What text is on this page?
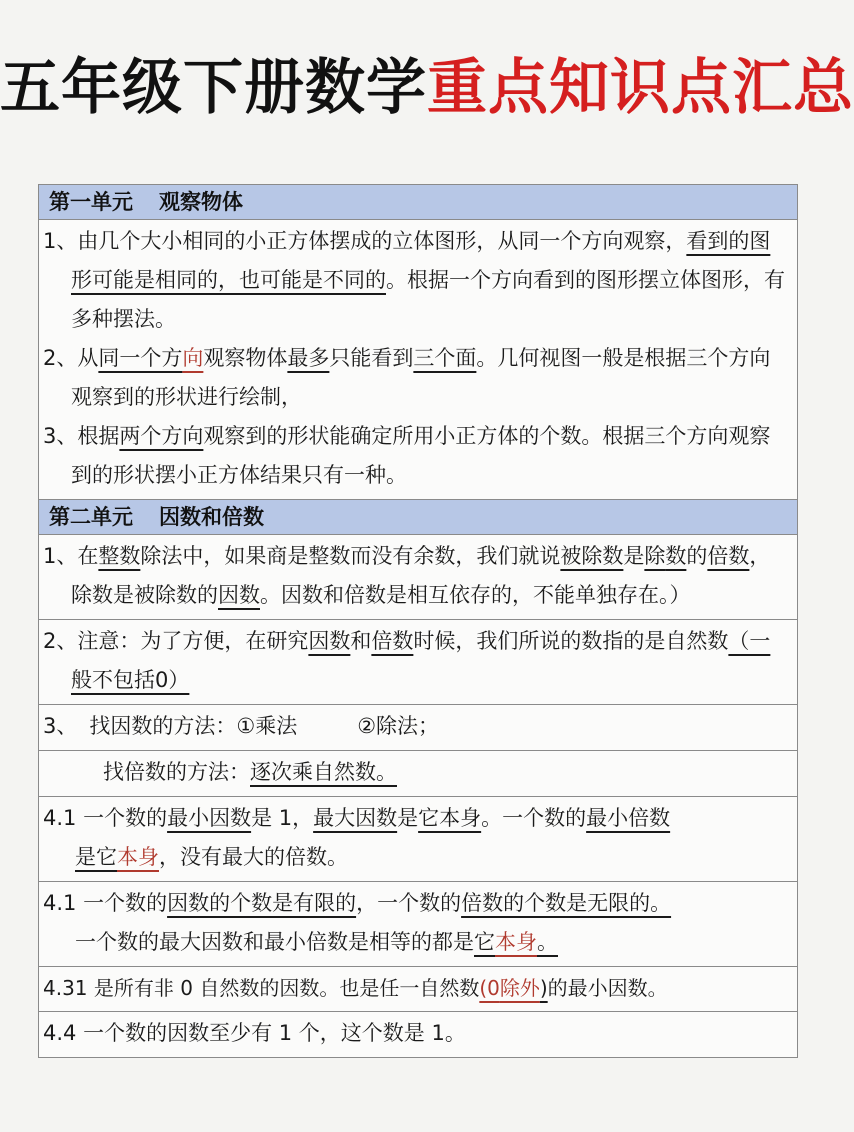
五年级下册数学重点知识点汇总
第一单元 观察物体

1、由几个大小相同的小正方体摆成的立体图形，从同一个方向观察，看到的图形可能是相同的，也可能是不同的。根据一个方向看到的图形摆立体图形，有多种摆法。

2、从同一个方向观察物体最多只能看到三个面。几何视图一般是根据三个方向观察到的形状进行绘制，

3、根据两个方向观察到的形状能确定所用小正方体的个数。根据三个方向观察到的形状摆小正方体结果只有一种。

第二单元 因数和倍数

1、在整数除法中，如果商是整数而没有余数，我们就说被除数是除数的倍数，除数是被除数的因数。因数和倍数是相互依存的，不能单独存在。）

2、注意：为了方便，在研究因数和倍数时候，我们所说的数指的是自然数（一般不包括0）

3、 找因数的方法：①乘法	②除法；

找倍数的方法：逐次乘自然数。

4.1 一个数的最小因数是 1，最大因数是它本身。一个数的最小倍数
是它本身，没有最大的倍数。

4.1 一个数的因数的个数是有限的，一个数的倍数的个数是无限的。
一个数的最大因数和最小倍数是相等的都是它本身。

4.31 是所有非 0 自然数的因数。也是任一自然数(0除外)的最小因数。

4.4 一个数的因数至少有 1 个，这个数是 1。
